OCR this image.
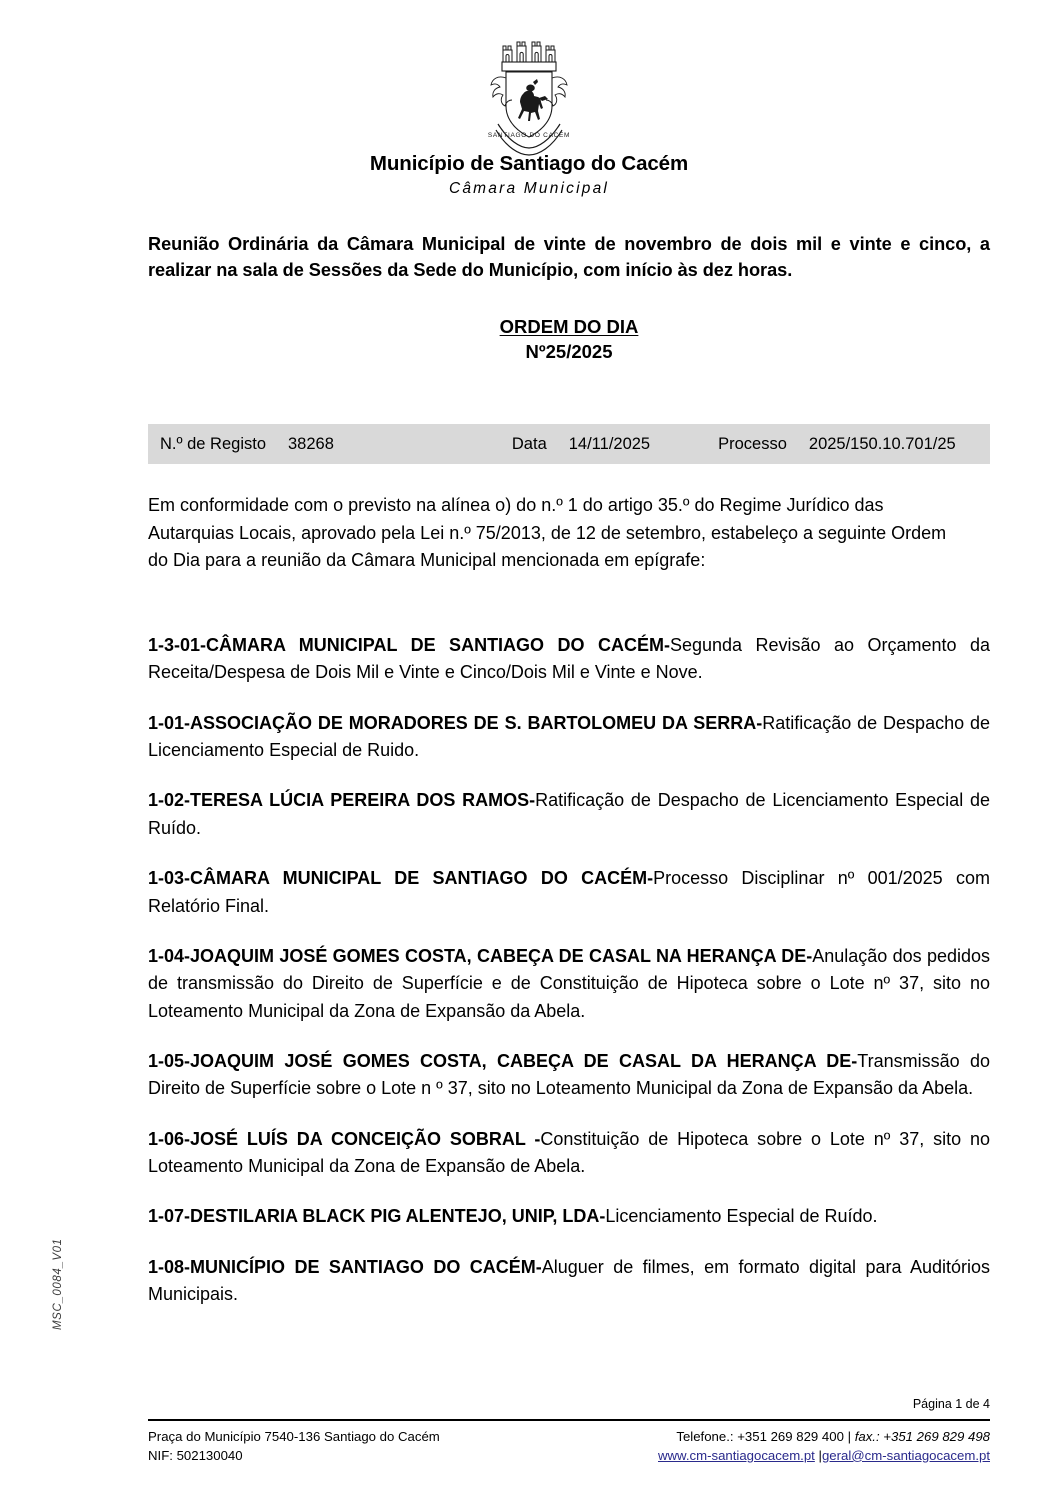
MSC_0084_V01
SANTIAGO DO CACÉM
Município de Santiago do Cacém
Câmara Municipal
Reunião Ordinária da Câmara Municipal de vinte de novembro de dois mil e vinte e cinco, a realizar na sala de Sessões da Sede do Município, com início às dez horas.
ORDEM DO DIA
Nº25/2025
N.º de Registo 38268	Data 14/11/2025	Processo 2025/150.10.701/25
Em conformidade com o previsto na alínea o) do n.º 1 do artigo 35.º do Regime Jurídico das Autarquias Locais, aprovado pela Lei n.º 75/2013, de 12 de setembro, estabeleço a seguinte Ordem do Dia para a reunião da Câmara Municipal mencionada em epígrafe:
1-3-01-CÂMARA MUNICIPAL DE SANTIAGO DO CACÉM-Segunda Revisão ao Orçamento da Receita/Despesa de Dois Mil e Vinte e Cinco/Dois Mil e Vinte e Nove.
1-01-ASSOCIAÇÃO DE MORADORES DE S. BARTOLOMEU DA SERRA-Ratificação de Despacho de Licenciamento Especial de Ruido.
1-02-TERESA LÚCIA PEREIRA DOS RAMOS-Ratificação de Despacho de Licenciamento Especial de Ruído.
1-03-CÂMARA MUNICIPAL DE SANTIAGO DO CACÉM-Processo Disciplinar nº 001/2025 com Relatório Final.
1-04-JOAQUIM JOSÉ GOMES COSTA, CABEÇA DE CASAL NA HERANÇA DE-Anulação dos pedidos de transmissão do Direito de Superfície e de Constituição de Hipoteca sobre o Lote nº 37, sito no Loteamento Municipal da Zona de Expansão da Abela.
1-05-JOAQUIM JOSÉ GOMES COSTA, CABEÇA DE CASAL DA HERANÇA DE-Transmissão do Direito de Superfície sobre o Lote n º 37, sito no Loteamento Municipal da Zona de Expansão da Abela.
1-06-JOSÉ LUÍS DA CONCEIÇÃO SOBRAL -Constituição de Hipoteca sobre o Lote nº 37, sito no Loteamento Municipal da Zona de Expansão de Abela.
1-07-DESTILARIA BLACK PIG ALENTEJO, UNIP, LDA-Licenciamento Especial de Ruído.
1-08-MUNICÍPIO DE SANTIAGO DO CACÉM-Aluguer de filmes, em formato digital para Auditórios Municipais.
Página 1 de 4
Praça do Município 7540-136 Santiago do Cacém
NIF: 502130040
Telefone.: +351 269 829 400 | fax.: +351 269 829 498
www.cm-santiagocacem.pt |geral@cm-santiagocacem.pt
